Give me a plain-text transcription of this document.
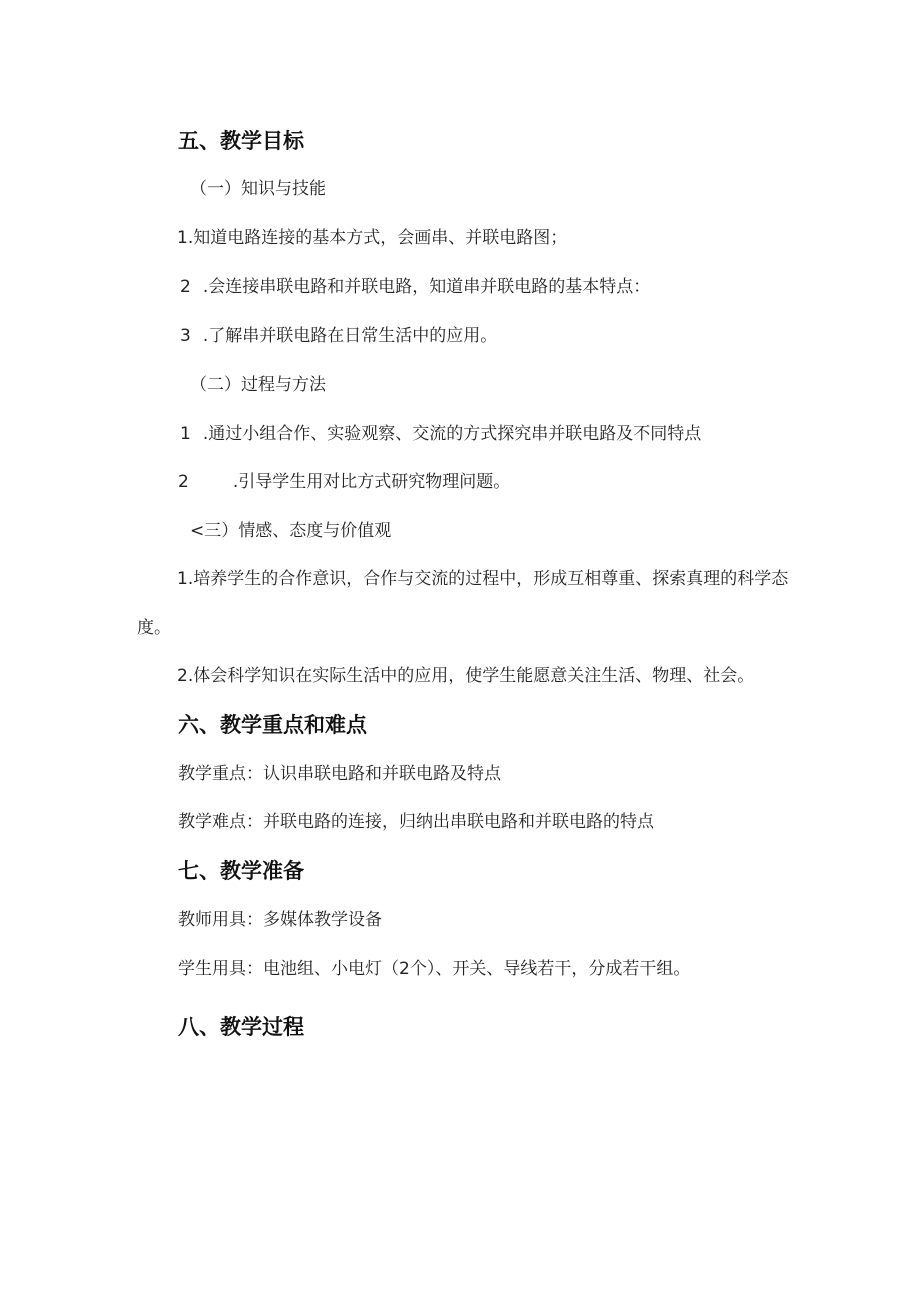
五、教学目标
（一）知识与技能
1.知道电路连接的基本方式，会画串、并联电路图；
2 .会连接串联电路和并联电路，知道串并联电路的基本特点：
3 .了解串并联电路在日常生活中的应用。
（二）过程与方法
1 .通过小组合作、实验观察、交流的方式探究串并联电路及不同特点
2	.引导学生用对比方式研究物理问题。
<三）情感、态度与价值观
1.培养学生的合作意识，合作与交流的过程中，形成互相尊重、探索真理的科学态
度。
2.体会科学知识在实际生活中的应用，使学生能愿意关注生活、物理、社会。
六、教学重点和难点
教学重点：认识串联电路和并联电路及特点
教学难点：并联电路的连接，归纳出串联电路和并联电路的特点
七、教学准备
教师用具：多媒体教学设备
学生用具：电池组、小电灯（2个）、开关、导线若干，分成若干组。
八、教学过程
